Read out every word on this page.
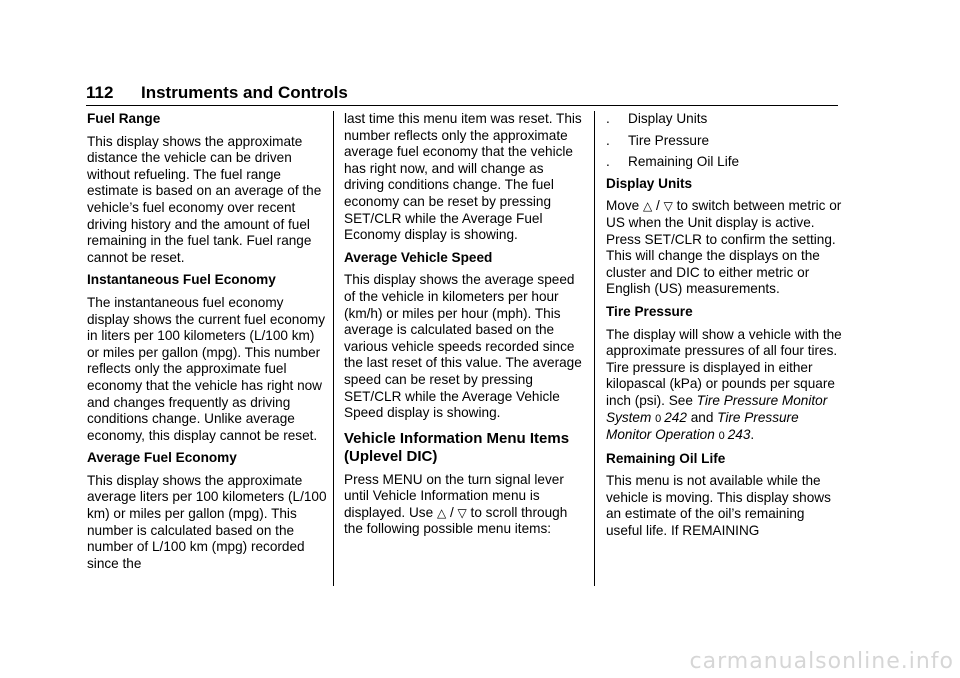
112 Instruments and Controls
Fuel Range

This display shows the approximate distance the vehicle can be driven without refueling. The fuel range estimate is based on an average of the vehicle’s fuel economy over recent driving history and the amount of fuel remaining in the fuel tank. Fuel range cannot be reset.

Instantaneous Fuel Economy

The instantaneous fuel economy display shows the current fuel economy in liters per 100 kilometers (L/100 km) or miles per gallon (mpg). This number reflects only the approximate fuel economy that the vehicle has right now and changes frequently as driving conditions change. Unlike average economy, this display cannot be reset.

Average Fuel Economy

This display shows the approximate average liters per 100 kilometers (L/100 km) or miles per gallon (mpg). This number is calculated based on the number of L/100 km (mpg) recorded since the

last time this menu item was reset. This number reflects only the approximate average fuel economy that the vehicle has right now, and will change as driving conditions change. The fuel economy can be reset by pressing SET/CLR while the Average Fuel Economy display is showing.

Average Vehicle Speed

This display shows the average speed of the vehicle in kilometers per hour (km/h) or miles per hour (mph). This average is calculated based on the various vehicle speeds recorded since the last reset of this value. The average speed can be reset by pressing SET/CLR while the Average Vehicle Speed display is showing.

Vehicle Information Menu Items (Uplevel DIC)

Press MENU on the turn signal lever until Vehicle Information menu is displayed. Use △ / ▽ to scroll through the following possible menu items:

.	Display Units
.	Tire Pressure
.	Remaining Oil Life
Display Units

Move △ / ▽ to switch between metric or US when the Unit display is active. Press SET/CLR to confirm the setting. This will change the displays on the cluster and DIC to either metric or English (US) measurements.

Tire Pressure

The display will show a vehicle with the approximate pressures of all four tires. Tire pressure is displayed in either kilopascal (kPa) or pounds per square inch (psi). See Tire Pressure Monitor System 0 242 and Tire Pressure Monitor Operation 0 243.

Remaining Oil Life

This menu is not available while the vehicle is moving. This display shows an estimate of the oil’s remaining useful life. If REMAINING

carmanualsonline.info
